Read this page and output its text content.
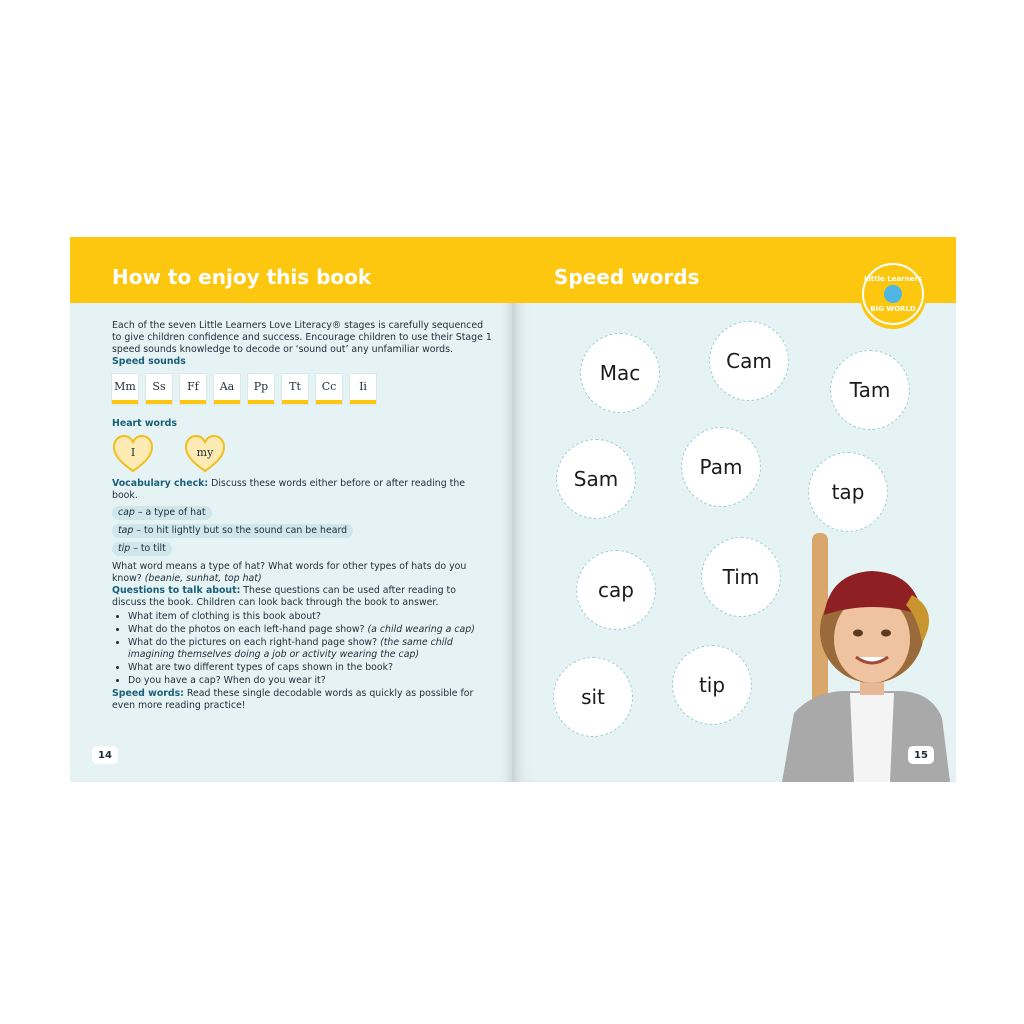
How to enjoy this book

Each of the seven Little Learners Love Literacy® stages is carefully sequenced to give children confidence and success. Encourage children to use their Stage 1 speed sounds knowledge to decode or ‘sound out’ any unfamiliar words.

Speed sounds

Mm	Ss	Ff	Aa	Pp	Tt	Cc	Ii

Heart words

I	my

Vocabulary check: Discuss these words either before or after reading the book.

cap – a type of hat
tap – to hit lightly but so the sound can be heard
tip – to tilt

What word means a type of hat? What words for other types of hats do you know? (beanie, sunhat, top hat)

Questions to talk about: These questions can be used after reading to discuss the book. Children can look back through the book to answer.

• What item of clothing is this book about?
• What do the photos on each left-hand page show? (a child wearing a cap)
• What do the pictures on each right-hand page show? (the same child imagining themselves doing a job or activity wearing the cap)
• What are two different types of caps shown in the book?
• Do you have a cap? When do you wear it?

Speed words: Read these single decodable words as quickly as possible for even more reading practice!

14
Speed words	Little Learners
BIG WORLD
Mac	Cam
Tam
Sam	Pam
tap
cap
Tim
sit	tip
15
